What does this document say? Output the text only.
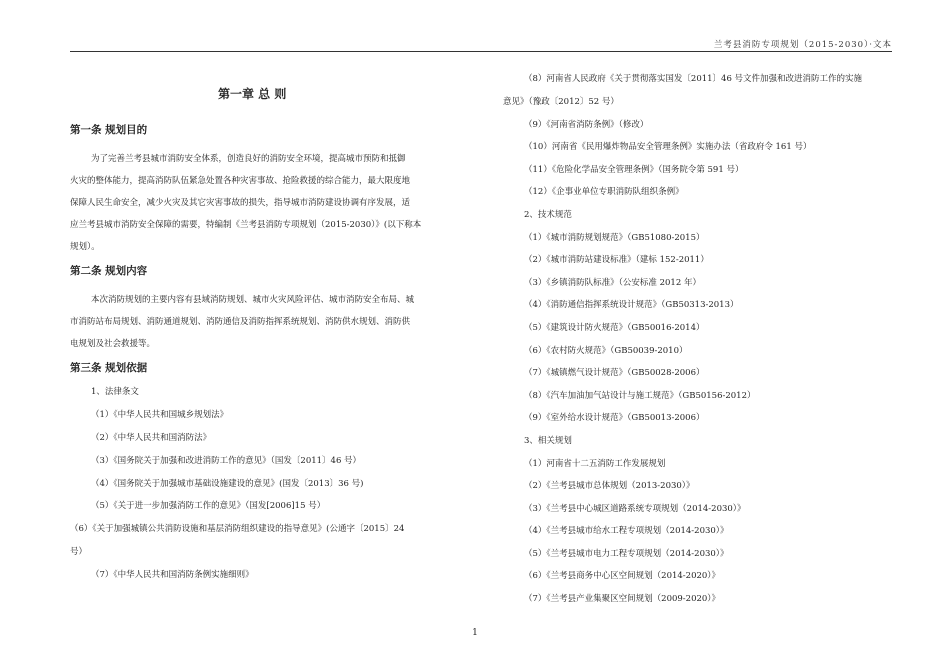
兰考县消防专项规划（2015-2030）·文本
第一章 总 则
第一条 规划目的
为了完善兰考县城市消防安全体系，创造良好的消防安全环境，提高城市预防和抵御
火灾的整体能力，提高消防队伍紧急处置各种灾害事故、抢险救援的综合能力，最大限度地
保障人民生命安全，减少火灾及其它灾害事故的损失，指导城市消防建设协调有序发展，适
应兰考县城市消防安全保障的需要，特编制《兰考县消防专项规划（2015-2030）》(以下称本
规划）。
第二条 规划内容
本次消防规划的主要内容有县域消防规划、城市火灾风险评估、城市消防安全布局、城
市消防站布局规划、消防通道规划、消防通信及消防指挥系统规划、消防供水规划、消防供
电规划及社会救援等。
第三条 规划依据
1、法律条文
（1）《中华人民共和国城乡规划法》
（2）《中华人民共和国消防法》
（3）《国务院关于加强和改进消防工作的意见》（国发〔2011〕46 号）
（4）《国务院关于加强城市基础设施建设的意见》(国发〔2013〕36 号)
（5）《关于进一步加强消防工作的意见》（国发[2006]15 号）
（6）《关于加强城镇公共消防设施和基层消防组织建设的指导意见》(公通字〔2015〕24
号）
（7）《中华人民共和国消防条例实施细则》
（8）河南省人民政府《关于贯彻落实国发〔2011〕46 号文件加强和改进消防工作的实施
意见》（豫政〔2012〕52 号）
（9）《河南省消防条例》（修改）
（10）河南省《民用爆炸物品安全管理条例》实施办法（省政府令 161 号）
（11）《危险化学品安全管理条例》（国务院令第 591 号）
（12）《企事业单位专职消防队组织条例》
2、技术规范
（1）《城市消防规划规范》（GB51080-2015）
（2）《城市消防站建设标准》（建标 152-2011）
（3）《乡镇消防队标准》（公安标准 2012 年）
（4）《消防通信指挥系统设计规范》（GB50313-2013）
（5）《建筑设计防火规范》（GB50016-2014）
（6）《农村防火规范》（GB50039-2010）
（7）《城镇燃气设计规范》（GB50028-2006）
（8）《汽车加油加气站设计与施工规范》（GB50156-2012）
（9）《室外给水设计规范》（GB50013-2006）
3、相关规划
（1）河南省十二五消防工作发展规划
（2）《兰考县城市总体规划（2013-2030）》
（3）《兰考县中心城区道路系统专项规划（2014-2030）》
（4）《兰考县城市给水工程专项规划（2014-2030）》
（5）《兰考县城市电力工程专项规划（2014-2030）》
（6）《兰考县商务中心区空间规划（2014-2020）》
（7）《兰考县产业集聚区空间规划（2009-2020）》
1
